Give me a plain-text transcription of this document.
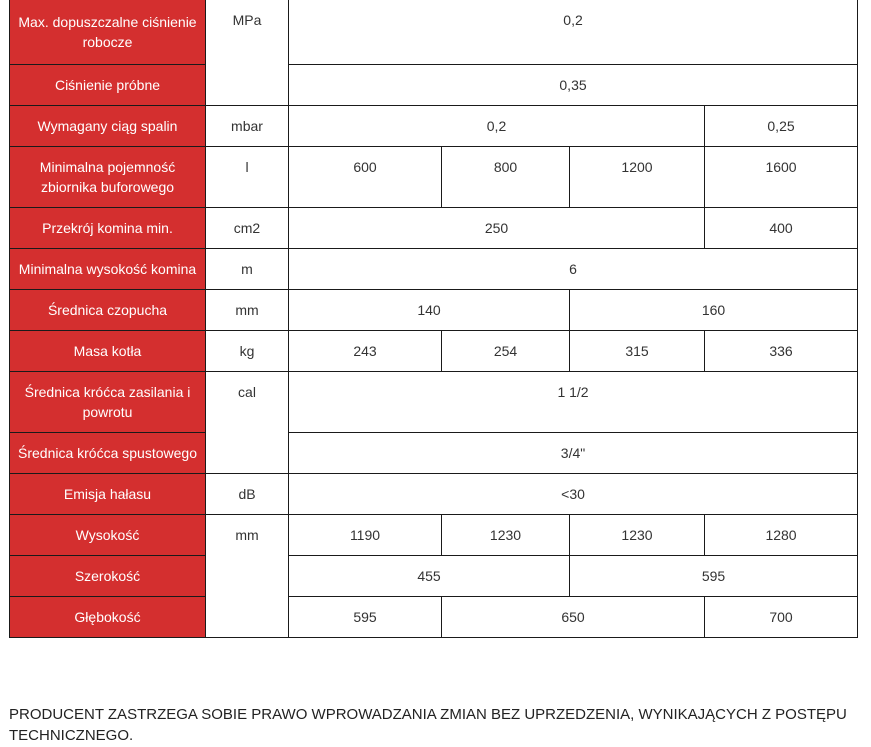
Max. dopuszczalne ciśnienie robocze	MPa	0,2			
Ciśnienie próbne		0,35			
Wymagany ciąg spalin	mbar	0,2			0,25
Minimalna pojemność zbiornika buforowego	l	600	800	1200	1600
Przekrój komina min.	cm2	250			400
Minimalna wysokość komina	m	6			
Średnica czopucha	mm	140		160	
Masa kotła	kg	243	254	315	336
Średnica króćca zasilania i powrotu	cal	1 1/2			
Średnica króćca spustowego		3/4"			
Emisja hałasu	dB	<30			
Wysokość	mm	1190	1230	1230	1280
Szerokość		455		595	
Głębokość		595	650		700

PRODUCENT ZASTRZEGA SOBIE PRAWO WPROWADZANIA ZMIAN BEZ UPRZEDZENIA, WYNIKAJĄCYCH Z POSTĘPU TECHNICZNEGO.
